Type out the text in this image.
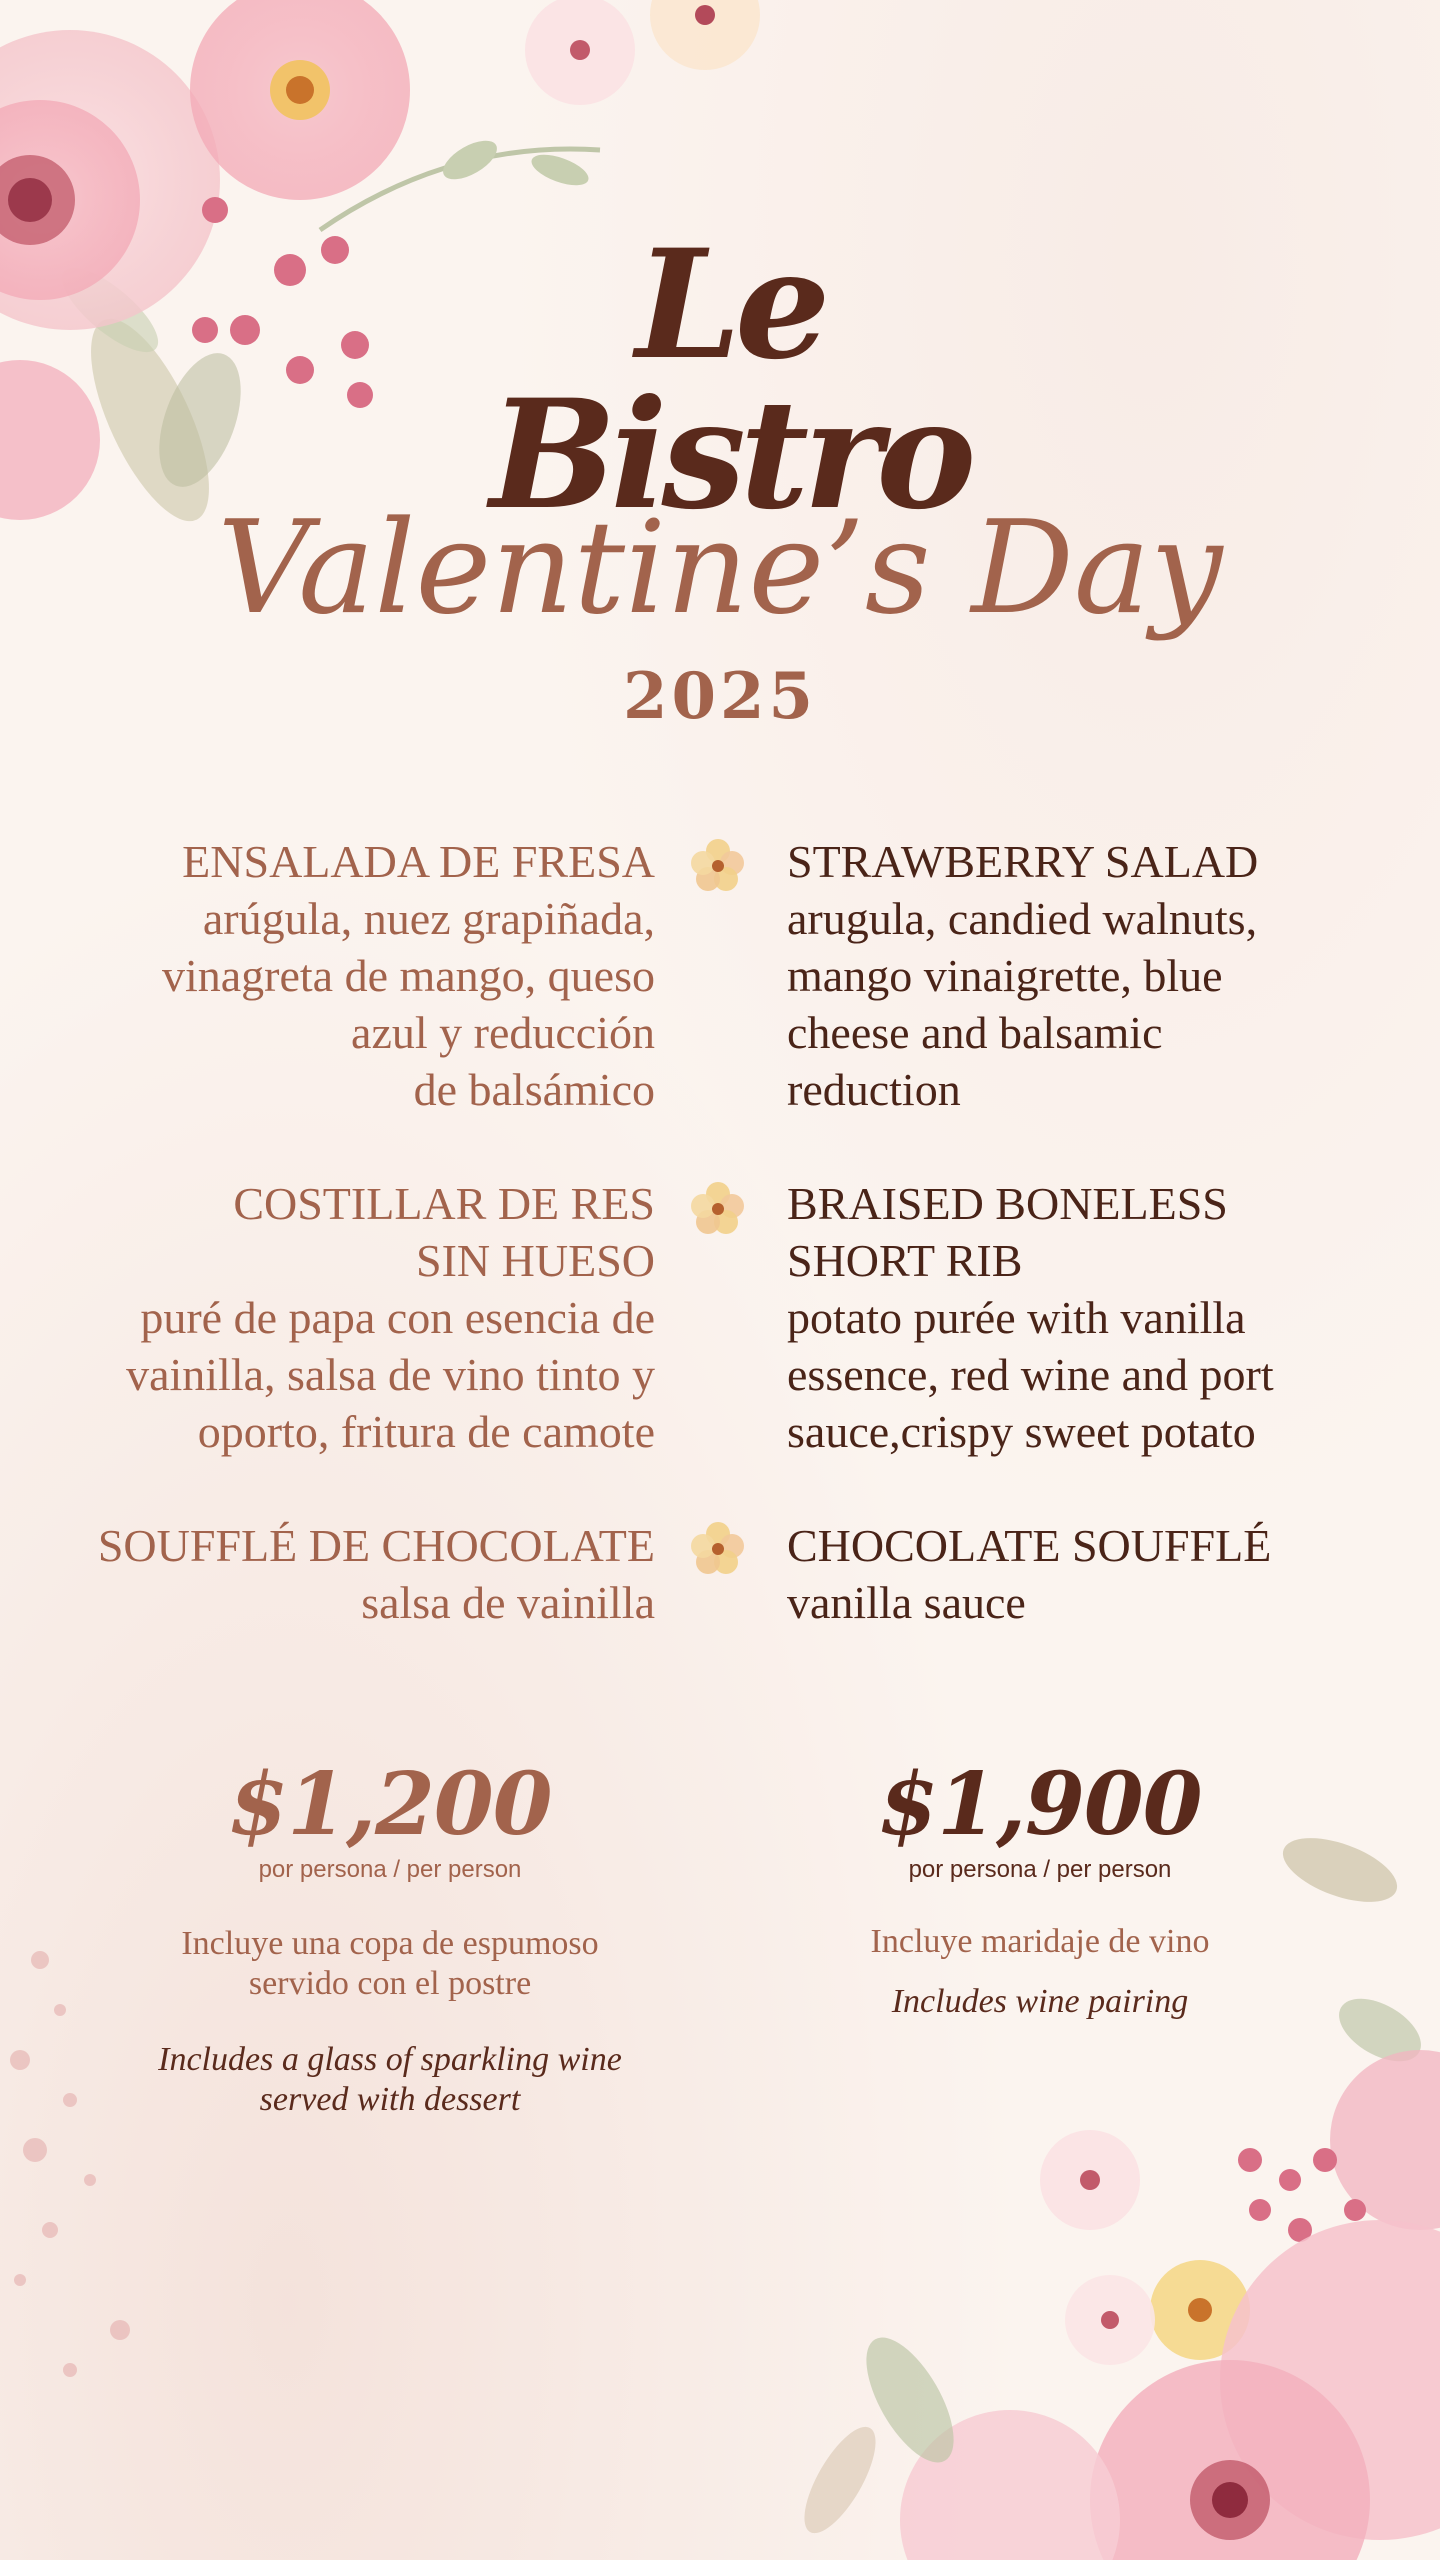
Le Bistro
Valentine’s Day
2025
ENSALADA DE FRESA
arúgula, nuez grapiñada,
vinagreta de mango, queso
azul y reducción
de balsámico
STRAWBERRY SALAD
arugula, candied walnuts,
mango vinaigrette, blue
cheese and balsamic
reduction
COSTILLAR DE RES
SIN HUESO
puré de papa con esencia de
vainilla, salsa de vino tinto y
oporto, fritura de camote
BRAISED BONELESS
SHORT RIB
potato purée with vanilla
essence, red wine and port
sauce,crispy sweet potato
SOUFFLÉ DE CHOCOLATE
salsa de vainilla
CHOCOLATE SOUFFLÉ
vanilla sauce
$1,200
por persona / per person
Incluye una copa de espumoso
servido con el postre
Includes a glass of sparkling wine
served with dessert
$1,900
por persona / per person
Incluye maridaje de vino
Includes wine pairing
